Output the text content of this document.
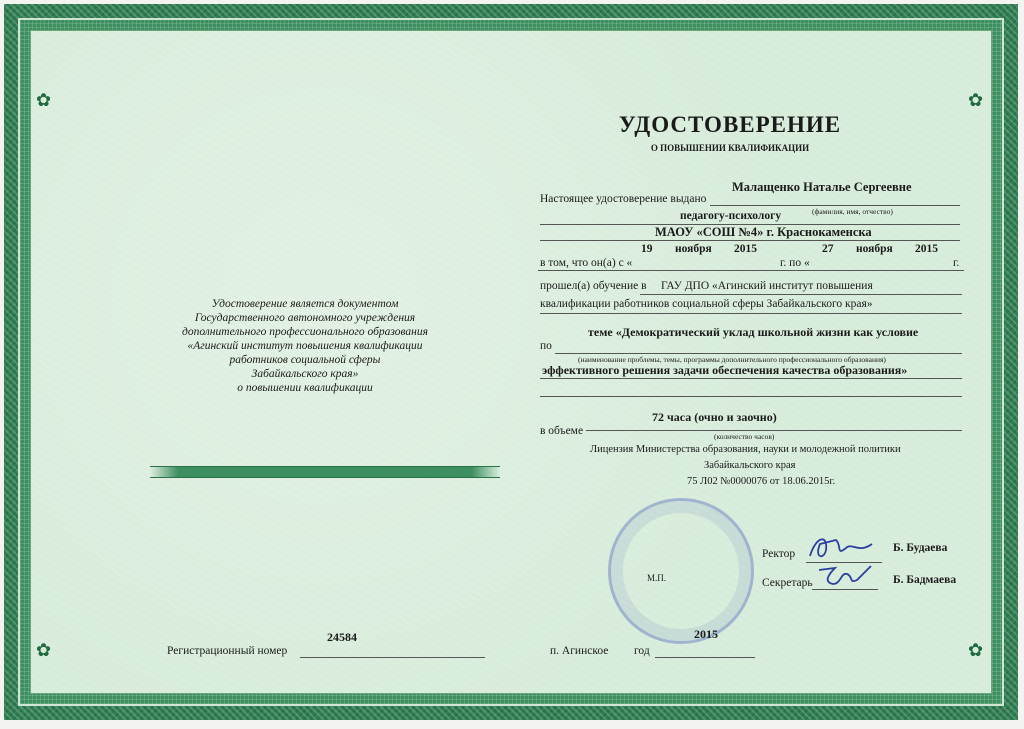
✿
✿
✿
✿
Удостоверение является документом
Государственного автономного учреждения
дополнительного профессионального образования
«Агинский институт повышения квалификации
работников социальной сферы
Забайкальского края»
о повышении квалификации
УДОСТОВЕРЕНИЕ
О ПОВЫШЕНИИ КВАЛИФИКАЦИИ
Настоящее удостоверение выдано
Малащенко Наталье Сергеевне
(фамилия, имя, отчество)
педагогу-психологу
МАОУ «СОШ №4» г. Краснокаменска
19 ноября 2015	27 ноября 2015
в том, что он(а) с «	г. по «	г.
прошел(а) обучение в ГАУ ДПО «Агинский институт повышения
квалификации работников социальной сферы Забайкальского края»
теме «Демократический уклад школьной жизни как условие
по
(наименование проблемы, темы, программы дополнительного профессионального образования)
эффективного решения задачи обеспечения качества образования»
72 часа (очно и заочно)
в объеме	(количество часов)
Лицензия Министерства образования, науки и молодежной политики
Забайкальского края
75 Л02 №0000076 от 18.06.2015г.
М.П.
Ректор	Б. Будаева
Секретарь	Б. Бадмаева
24584
Регистрационный номер
2015
п. Агинское год
